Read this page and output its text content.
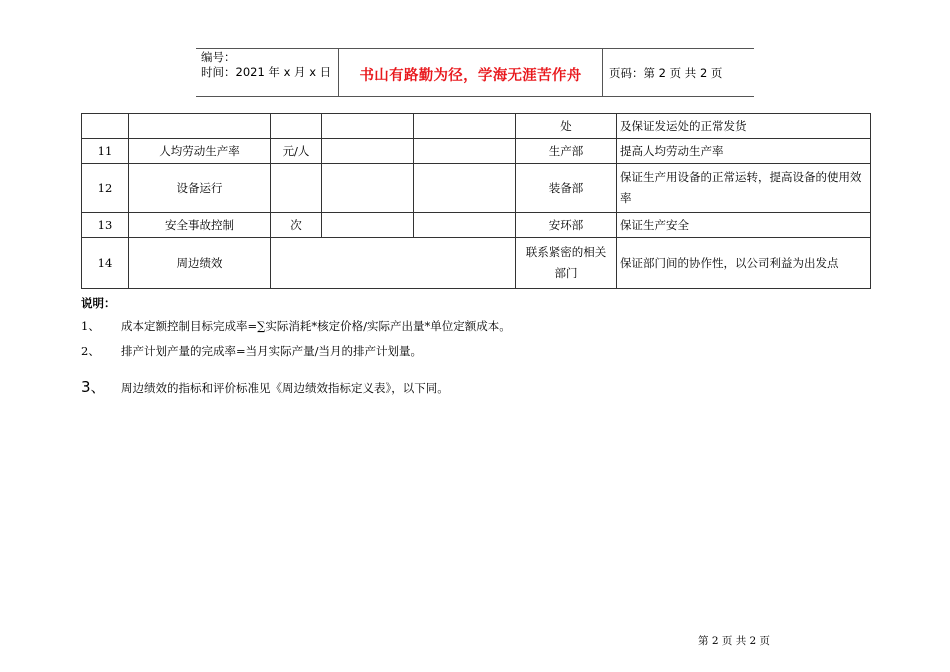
编号：
时间：2021 年 x 月 x 日	书山有路勤为径，学海无涯苦作舟	页码：第 2 页 共 2 页
					处	及保证发运处的正常发货
11	人均劳动生产率	元/人			生产部	提高人均劳动生产率
12	设备运行				装备部	保证生产用设备的正常运转，提高设备的使用效率
13	安全事故控制	次			安环部	保证生产安全
14	周边绩效				联系紧密的相关部门	保证部门间的协作性，以公司利益为出发点
说明：
1、 成本定额控制目标完成率=∑实际消耗*核定价格/实际产出量*单位定额成本。
2、 排产计划产量的完成率=当月实际产量/当月的排产计划量。
3、 周边绩效的指标和评价标准见《周边绩效指标定义表》，以下同。
第 2 页 共 2 页
